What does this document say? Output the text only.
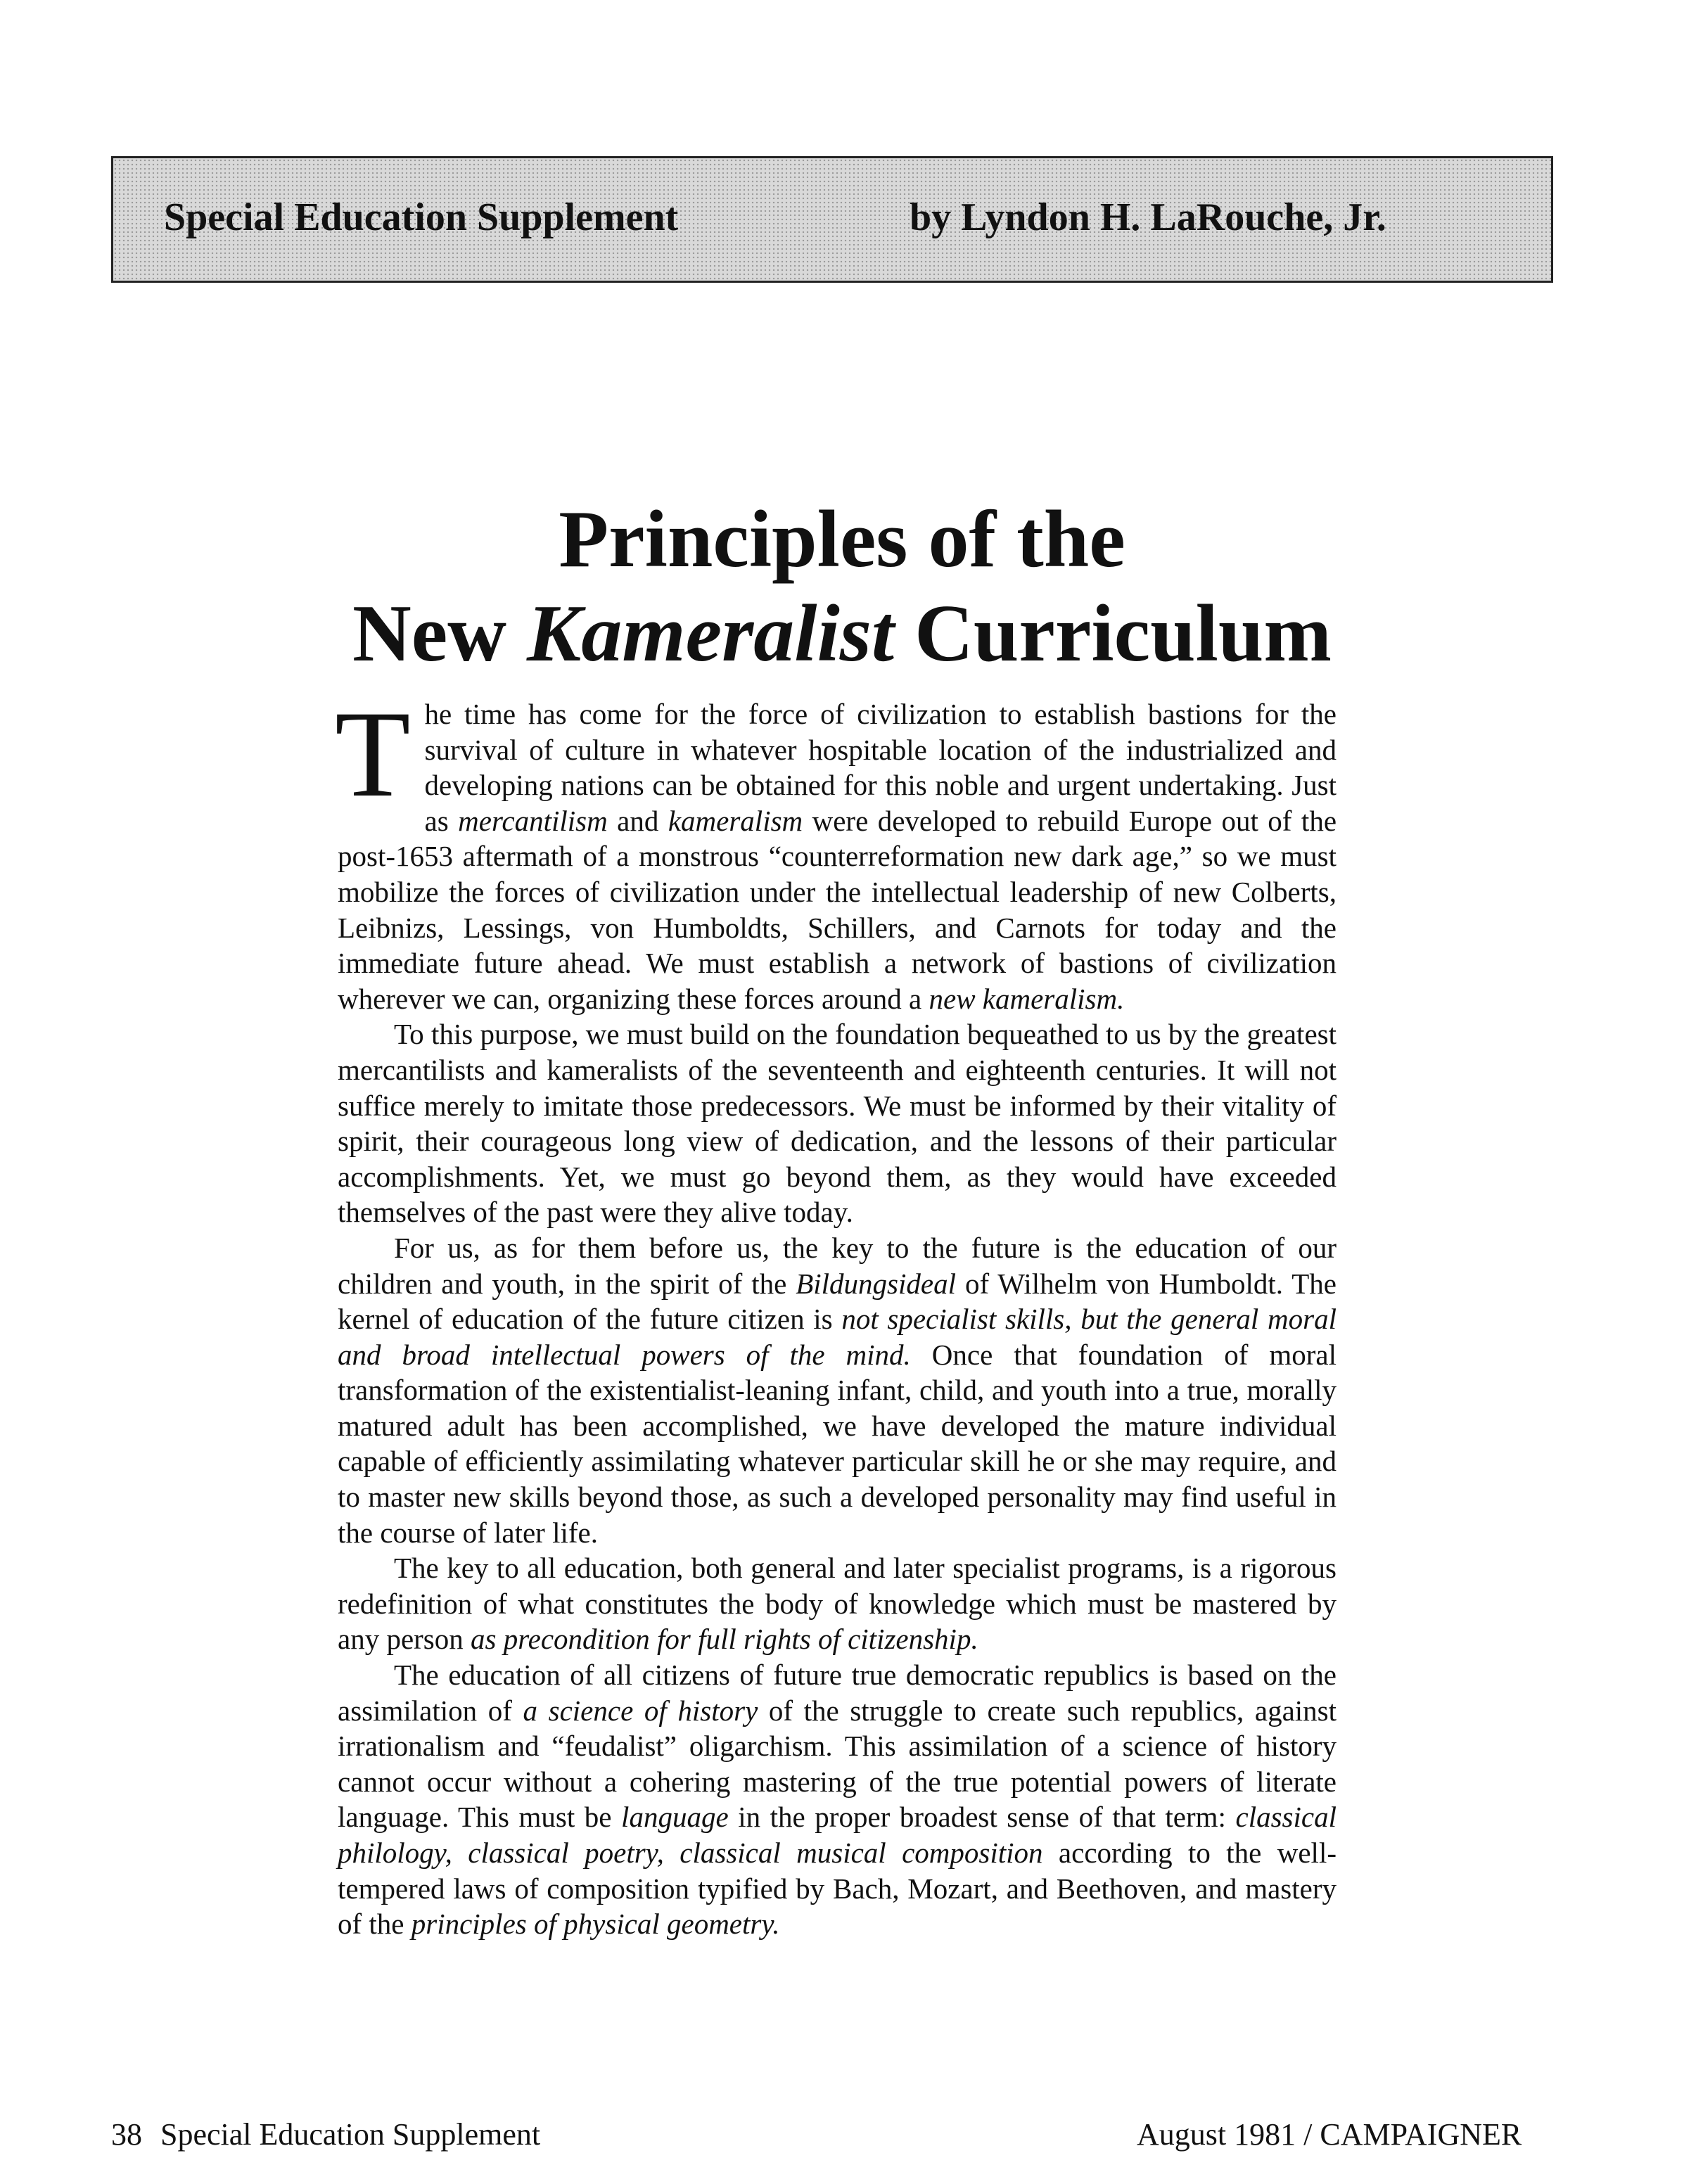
Special Education Supplement	by Lyndon H. LaRouche, Jr.
Principles of the
New Kameralist Curriculum

The time has come for the force of civilization to establish bastions for the survival of culture in whatever hospitable location of the industrialized and developing nations can be obtained for this noble and urgent undertaking. Just as mercantilism and kameralism were developed to rebuild Europe out of the post-1653 aftermath of a monstrous “counterreformation new dark age,” so we must mobilize the forces of civilization under the intellectual leadership of new Colberts, Leibnizs, Lessings, von Humboldts, Schillers, and Carnots for today and the immediate future ahead. We must establish a network of bastions of civilization wherever we can, organizing these forces around a new kameralism.

To this purpose, we must build on the foundation bequeathed to us by the greatest mercantilists and kameralists of the seventeenth and eighteenth centuries. It will not suffice merely to imitate those predecessors. We must be informed by their vitality of spirit, their courageous long view of dedication, and the lessons of their particular accomplishments. Yet, we must go beyond them, as they would have exceeded themselves of the past were they alive today.

For us, as for them before us, the key to the future is the education of our children and youth, in the spirit of the Bildungsideal of Wilhelm von Humboldt. The kernel of education of the future citizen is not specialist skills, but the general moral and broad intellectual powers of the mind. Once that foundation of moral transformation of the existentialist-leaning infant, child, and youth into a true, morally matured adult has been accomplished, we have developed the mature individual capable of efficiently assimilating whatever particular skill he or she may require, and to master new skills beyond those, as such a developed personality may find useful in the course of later life.

The key to all education, both general and later specialist programs, is a rigorous redefinition of what constitutes the body of knowledge which must be mastered by any person as precondition for full rights of citizenship.

The education of all citizens of future true democratic republics is based on the assimilation of a science of history of the struggle to create such republics, against irrationalism and “feudalist” oligarchism. This assimilation of a science of history cannot occur without a cohering mastering of the true potential powers of literate language. This must be language in the proper broadest sense of that term: classical philology, classical poetry, classical musical composition according to the well-tempered laws of composition typified by Bach, Mozart, and Beethoven, and mastery of the principles of physical geometry.

38 Special Education Supplement	August 1981 / CAMPAIGNER
